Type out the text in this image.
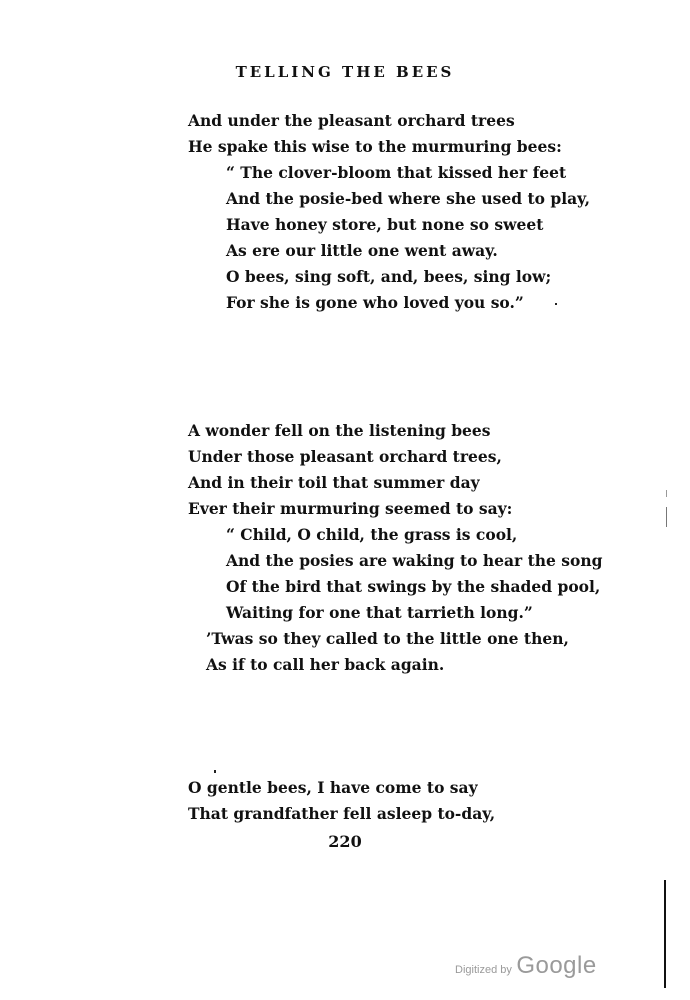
TELLING THE BEES
And under the pleasant orchard trees
He spake this wise to the murmuring bees:
“ The clover-bloom that kissed her feet
And the posie-bed where she used to play,
Have honey store, but none so sweet
As ere our little one went away.
O bees, sing soft, and, bees, sing low;
For she is gone who loved you so.”
A wonder fell on the listening bees
Under those pleasant orchard trees,
And in their toil that summer day
Ever their murmuring seemed to say:
“ Child, O child, the grass is cool,
And the posies are waking to hear the song
Of the bird that swings by the shaded pool,
Waiting for one that tarrieth long.”
’Twas so they called to the little one then,
As if to call her back again.
O gentle bees, I have come to say
That grandfather fell asleep to-day,
220
Digitized by Google
